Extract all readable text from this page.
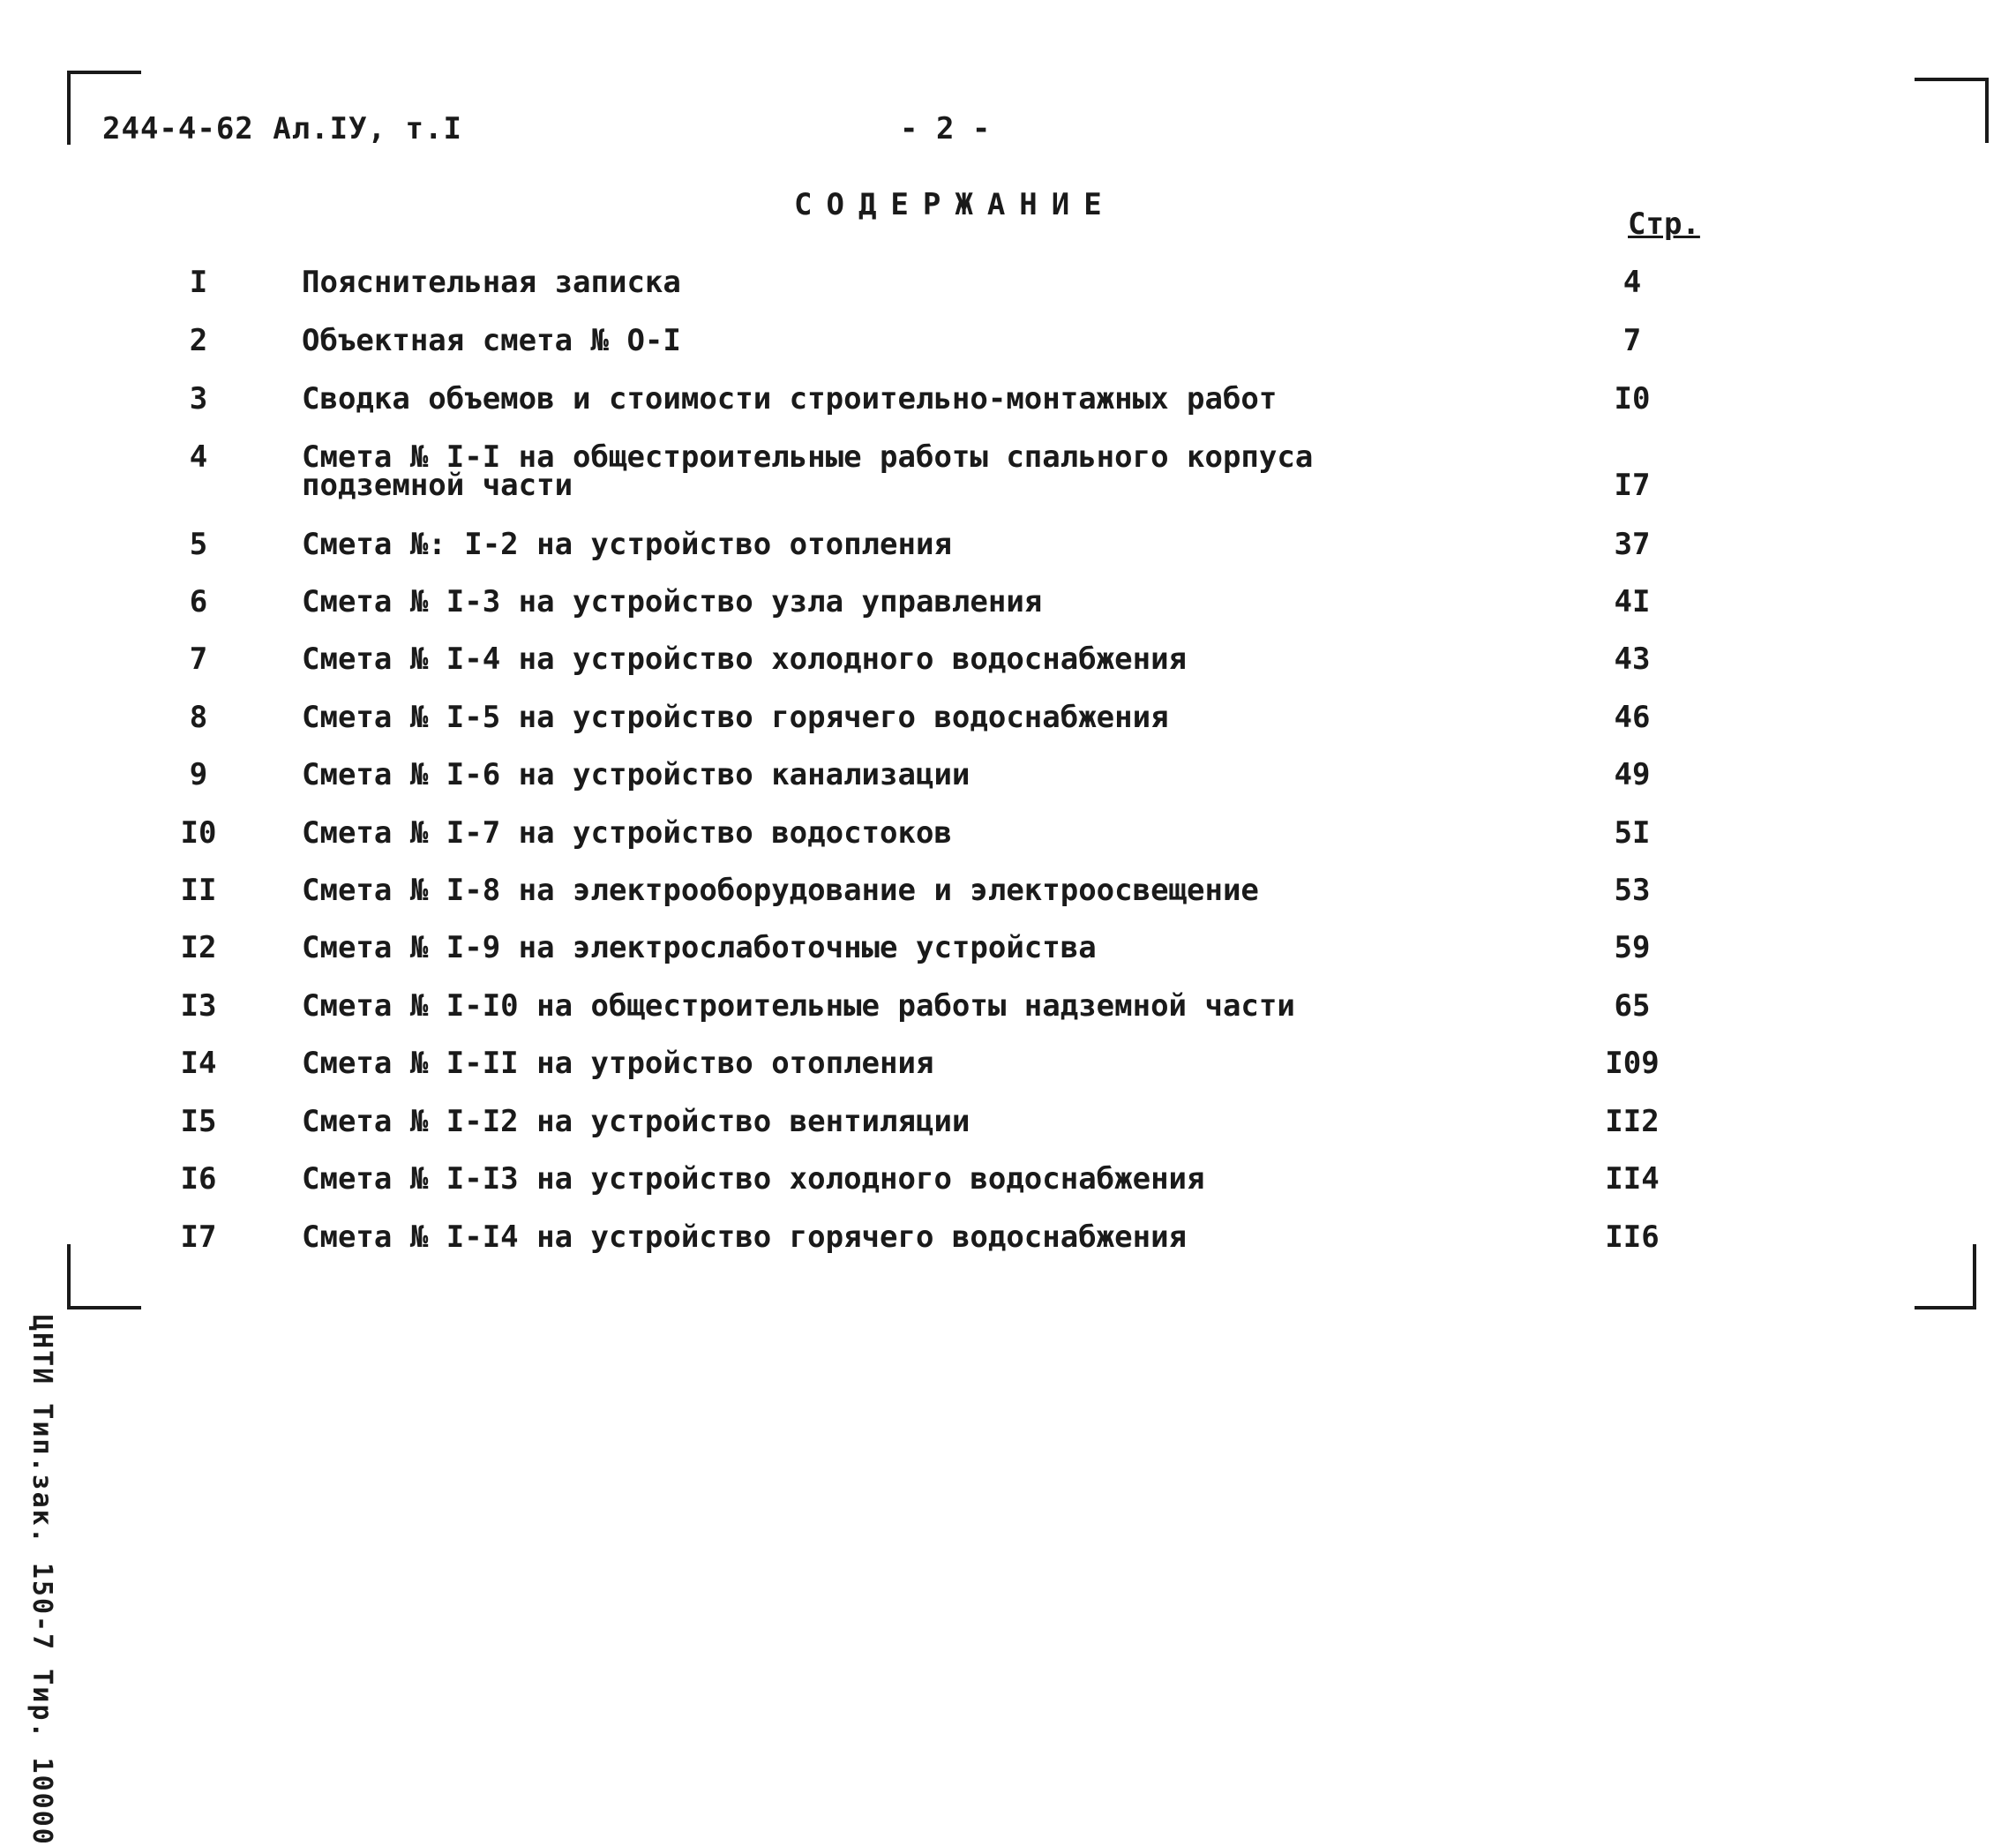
244-4-62 Ал.IУ, т.I	- 2 -
СОДЕРЖАНИЕ
Стр.
I	Пояснительная записка	4
2	Объектная смета № О-I	7
3	Сводка объемов и стоимости строительно-монтажных работ	I0
4	Смета № I-I на общестроительные работы спального корпуса
подземной части	I7
5	Смета №: I-2 на устройство отопления	37
6	Смета № I-3 на устройство узла управления	4I
7	Смета № I-4 на устройство холодного водоснабжения	43
8	Смета № I-5 на устройство горячего водоснабжения	46
9	Смета № I-6 на устройство канализации	49
I0	Смета № I-7 на устройство водостоков	5I
II	Смета № I-8 на электрооборудование и электроосвещение	53
I2	Смета № I-9 на электрослаботочные устройства	59
I3	Смета № I-I0 на общестроительные работы надземной части	65
I4	Смета № I-II на утройство отопления	I09
I5	Смета № I-I2 на устройство вентиляции	II2
I6	Смета № I-I3 на устройство холодного водоснабжения	II4
I7	Смета № I-I4 на устройство горячего водоснабжения	II6
ЦНТИ Тип.зак. 150-7 Тир. 10000
